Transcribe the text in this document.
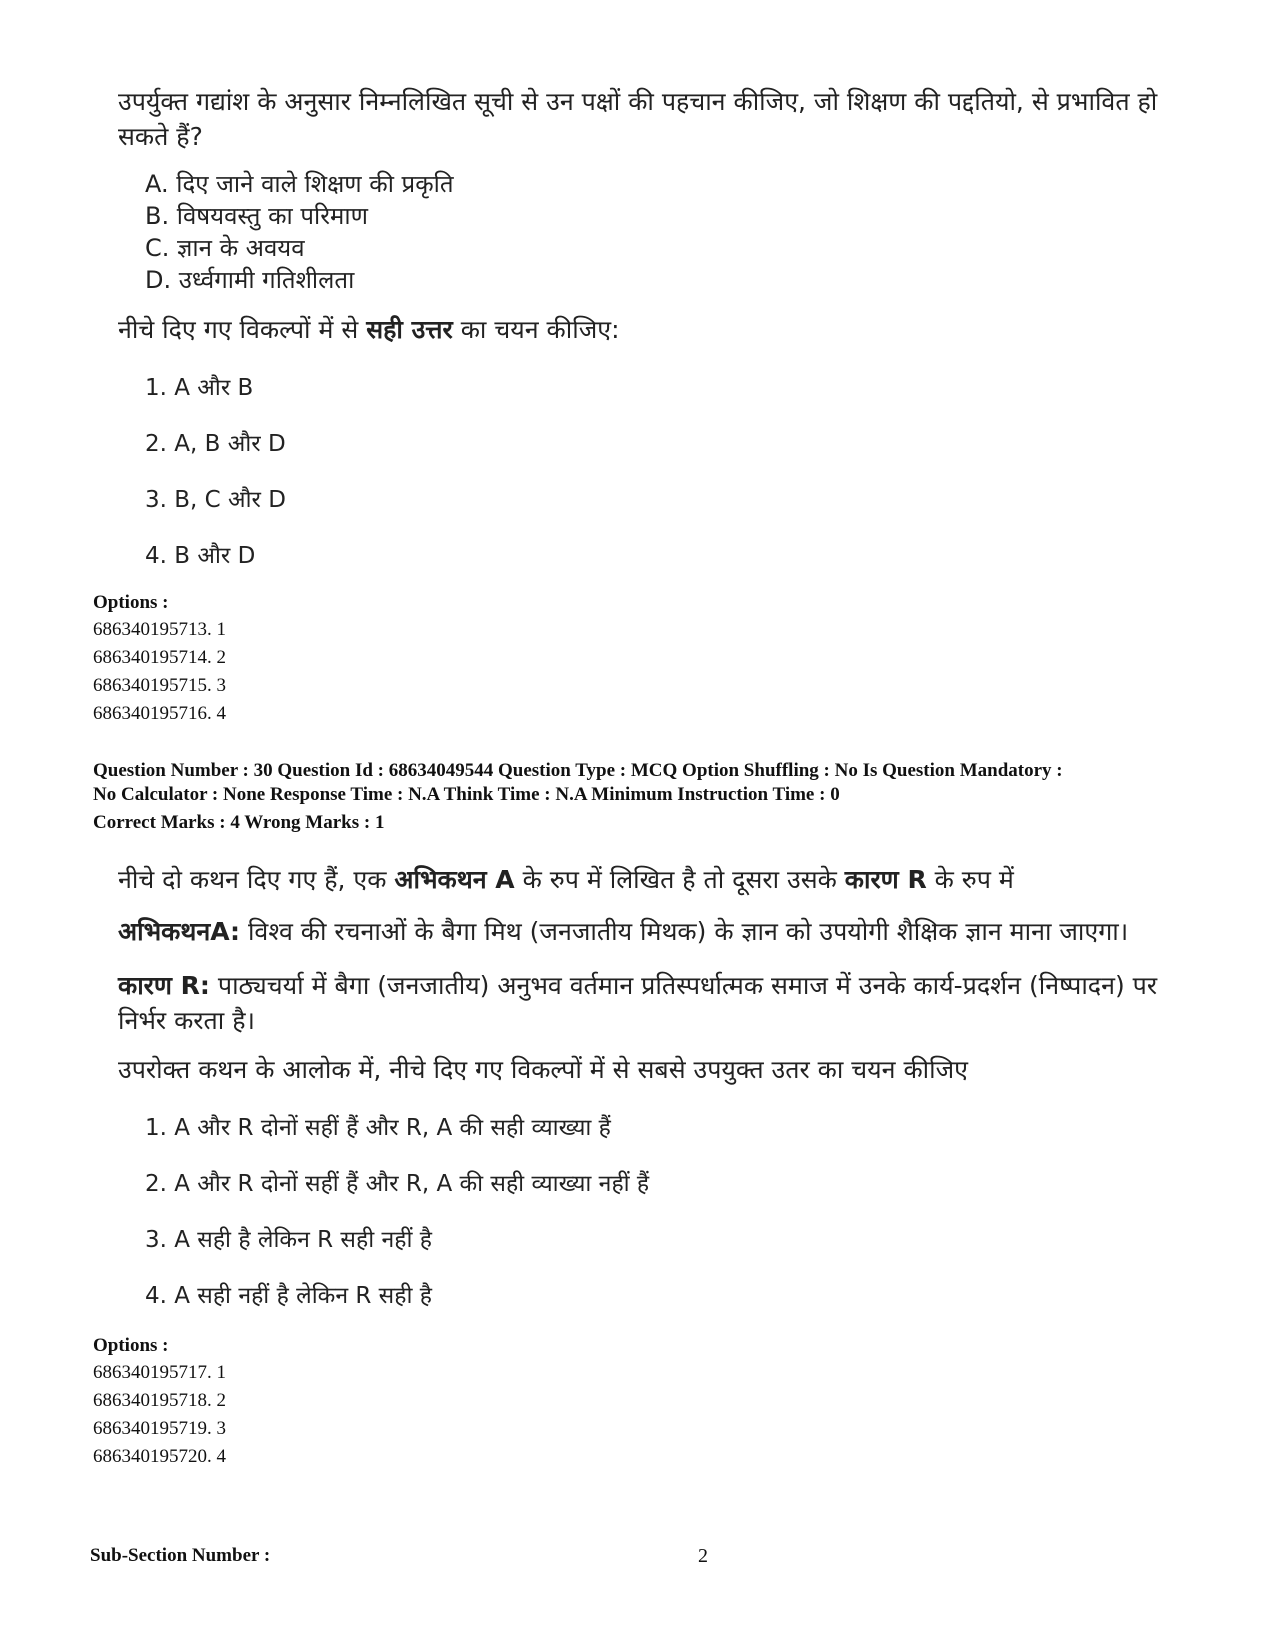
उपर्युक्त गद्यांश के अनुसार निम्नलिखित सूची से उन पक्षों की पहचान कीजिए, जो शिक्षण की पद्दतियो, से प्रभावित हो सकते हैं?

A. दिए जाने वाले शिक्षण की प्रकृति
B. विषयवस्तु का परिमाण
C. ज्ञान के अवयव
D. उर्ध्वगामी गतिशीलता

नीचे दिए गए विकल्पों में से सही उत्तर का चयन कीजिए:

1. A और B
2. A, B और D
3. B, C और D
4. B और D
Options :
686340195713. 1
686340195714. 2
686340195715. 3
686340195716. 4
Question Number : 30 Question Id : 68634049544 Question Type : MCQ Option Shuffling : No Is Question Mandatory :
No Calculator : None Response Time : N.A Think Time : N.A Minimum Instruction Time : 0
Correct Marks : 4 Wrong Marks : 1

नीचे दो कथन दिए गए हैं, एक अभिकथन A के रुप में लिखित है तो दूसरा उसके कारण R के रुप में

अभिकथनA: विश्व की रचनाओं के बैगा मिथ (जनजातीय मिथक) के ज्ञान को उपयोगी शैक्षिक ज्ञान माना जाएगा।

कारण R: पाठ्यचर्या में बैगा (जनजातीय) अनुभव वर्तमान प्रतिस्पर्धात्मक समाज में उनके कार्य-प्रदर्शन (निष्पादन) पर निर्भर करता है।

उपरोक्त कथन के आलोक में, नीचे दिए गए विकल्पों में से सबसे उपयुक्त उतर का चयन कीजिए

1. A और R दोनों सहीं हैं और R, A की सही व्याख्या हैं
2. A और R दोनों सहीं हैं और R, A की सही व्याख्या नहीं हैं
3. A सही है लेकिन R सही नहीं है
4. A सही नहीं है लेकिन R सही है
Options :
686340195717. 1
686340195718. 2
686340195719. 3
686340195720. 4
Sub-Section Number :	2
